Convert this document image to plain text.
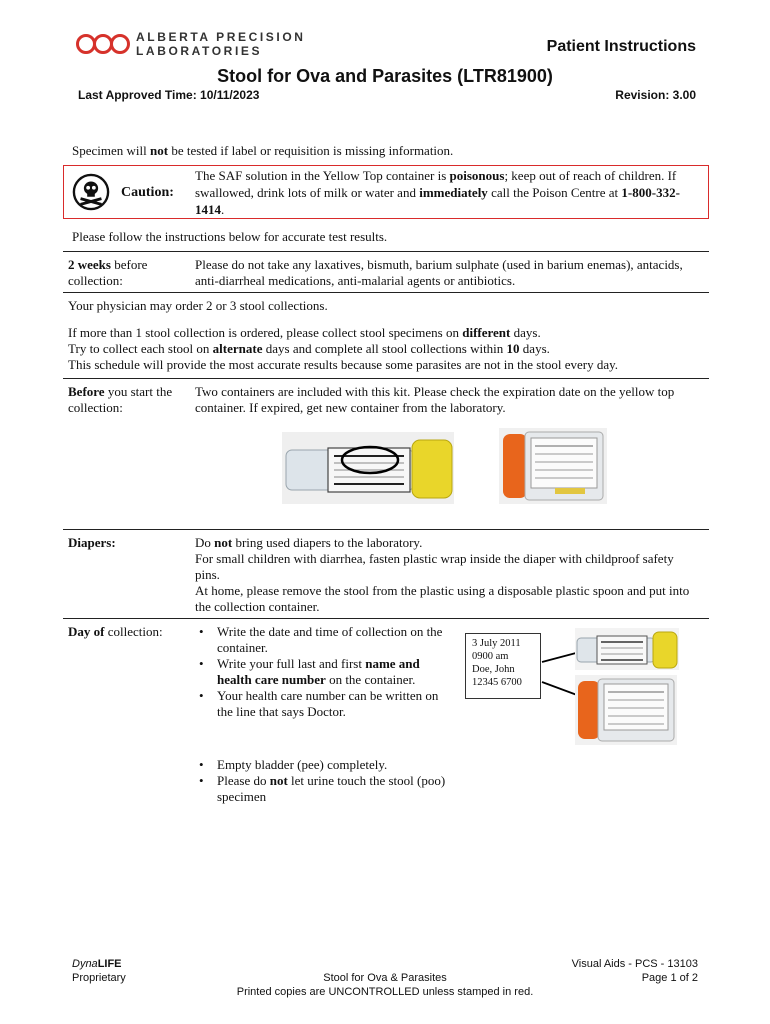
ALBERTA PRECISION
LABORATORIES	Patient Instructions
Stool for Ova and Parasites (LTR81900)
Last Approved Time: 10/11/2023	Revision: 3.00
Specimen will not be tested if label or requisition is missing information.
Caution:
The SAF solution in the Yellow Top container is poisonous; keep out of reach of children. If swallowed, drink lots of milk or water and immediately call the Poison Centre at 1-800-332-1414.
Please follow the instructions below for accurate test results.
2 weeks before collection:
Please do not take any laxatives, bismuth, barium sulphate (used in barium enemas), antacids, anti-diarrheal medications, anti-malarial agents or antibiotics.
Your physician may order 2 or 3 stool collections.
If more than 1 stool collection is ordered, please collect stool specimens on different days.
Try to collect each stool on alternate days and complete all stool collections within 10 days.
This schedule will provide the most accurate results because some parasites are not in the stool every day.
Before you start the collection:
Two containers are included with this kit. Please check the expiration date on the yellow top container. If expired, get new container from the laboratory.
Diapers:	Do not bring used diapers to the laboratory.
For small children with diarrhea, fasten plastic wrap inside the diaper with childproof safety pins.
At home, please remove the stool from the plastic using a disposable plastic spoon and put into the collection container.
Day of collection:
•	Write the date and time of collection on the container.
• Write your full last and first name and health care number on the container.
• Your health care number can be written on the line that says Doctor.
• Empty bladder (pee) completely.
• Please do not let urine touch the stool (poo) specimen
3 July 2011
0900 am
Doe, John
12345 6700
DynaLIFE
Proprietary	Stool for Ova & Parasites
Printed copies are UNCONTROLLED unless stamped in red.
Visual Aids - PCS - 13103
Page 1 of 2
